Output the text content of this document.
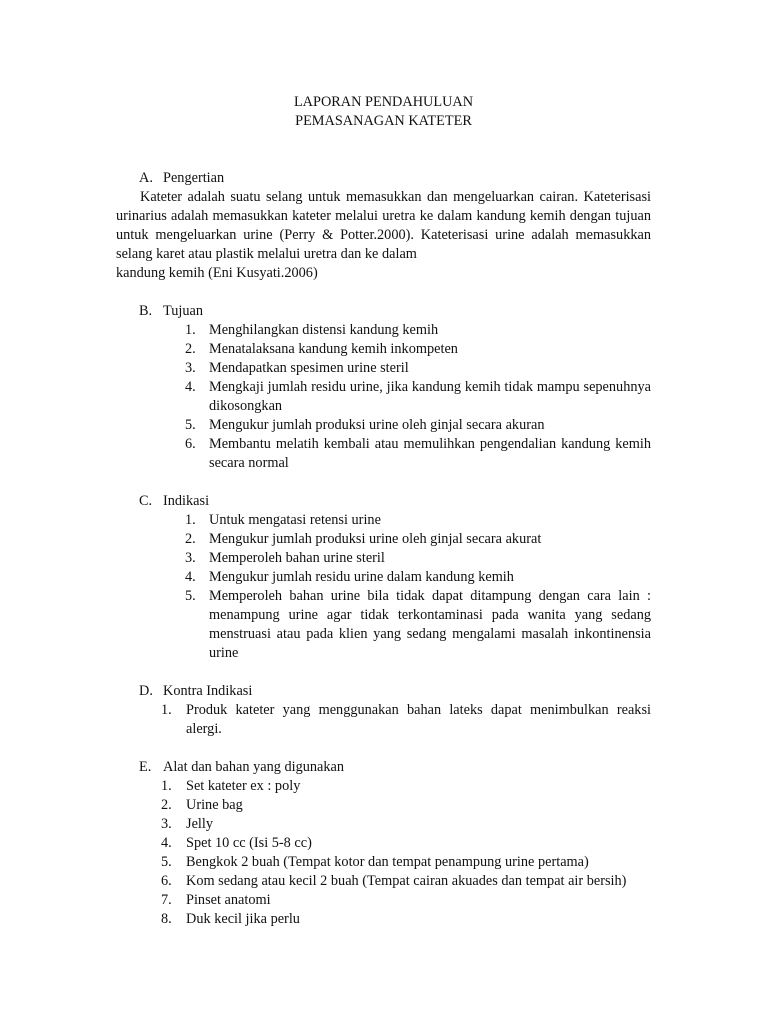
LAPORAN PENDAHULUAN

PEMASANAGAN KATETER

A. Pengertian

Kateter adalah suatu selang untuk memasukkan dan mengeluarkan cairan. Kateterisasi urinarius adalah memasukkan kateter melalui uretra ke dalam kandung kemih dengan tujuan untuk mengeluarkan urine (Perry & Potter.2000). Kateterisasi urine adalah memasukkan selang karet atau plastik melalui uretra dan ke dalam

kandung kemih (Eni Kusyati.2006)

B. Tujuan
1. Menghilangkan distensi kandung kemih
2. Menatalaksana kandung kemih inkompeten
3. Mendapatkan spesimen urine steril
4. Mengkaji jumlah residu urine, jika kandung kemih tidak mampu sepenuhnya dikosongkan
5. Mengukur jumlah produksi urine oleh ginjal secara akuran
6. Membantu melatih kembali atau memulihkan pengendalian kandung kemih secara normal
C. Indikasi
1. Untuk mengatasi retensi urine
2. Mengukur jumlah produksi urine oleh ginjal secara akurat
3. Memperoleh bahan urine steril
4. Mengukur jumlah residu urine dalam kandung kemih
5. Memperoleh bahan urine bila tidak dapat ditampung dengan cara lain : menampung urine agar tidak terkontaminasi pada wanita yang sedang menstruasi atau pada klien yang sedang mengalami masalah inkontinensia urine
D. Kontra Indikasi
1. Produk kateter yang menggunakan bahan lateks dapat menimbulkan reaksi alergi.
E. Alat dan bahan yang digunakan
1. Set kateter ex : poly
2. Urine bag
3. Jelly
4. Spet 10 cc (Isi 5-8 cc)
5. Bengkok 2 buah (Tempat kotor dan tempat penampung urine pertama)
6. Kom sedang atau kecil 2 buah (Tempat cairan akuades dan tempat air bersih)
7. Pinset anatomi
8. Duk kecil jika perlu
